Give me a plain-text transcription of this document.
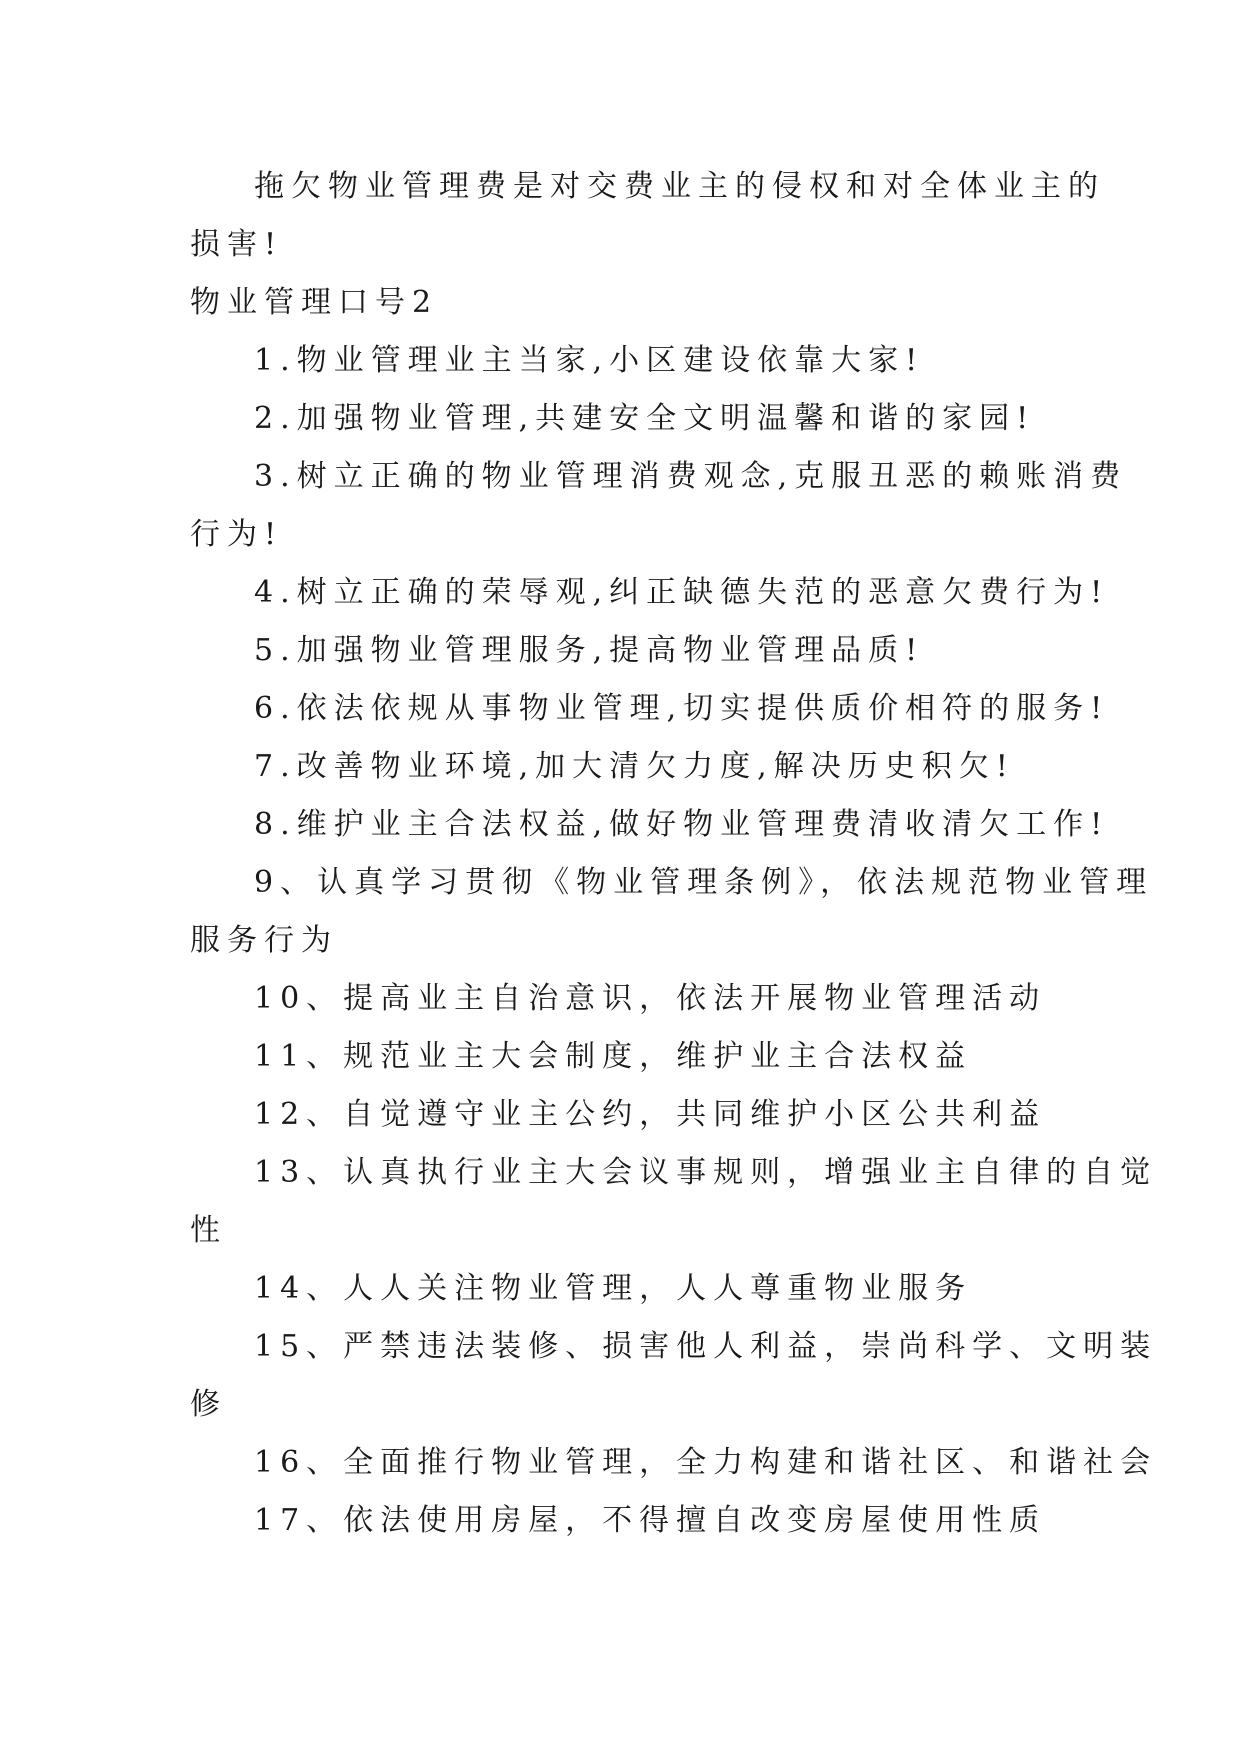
拖欠物业管理费是对交费业主的侵权和对全体业主的
损害!
物业管理口号2
1.物业管理业主当家,小区建设依靠大家!
2.加强物业管理,共建安全文明温馨和谐的家园!
3.树立正确的物业管理消费观念,克服丑恶的赖账消费
行为!
4.树立正确的荣辱观,纠正缺德失范的恶意欠费行为!
5.加强物业管理服务,提高物业管理品质!
6.依法依规从事物业管理,切实提供质价相符的服务!
7.改善物业环境,加大清欠力度,解决历史积欠!
8.维护业主合法权益,做好物业管理费清收清欠工作!
9、认真学习贯彻《物业管理条例》，依法规范物业管理
服务行为
10、提高业主自治意识，依法开展物业管理活动
11、规范业主大会制度，维护业主合法权益
12、自觉遵守业主公约，共同维护小区公共利益
13、认真执行业主大会议事规则，增强业主自律的自觉
性
14、人人关注物业管理，人人尊重物业服务
15、严禁违法装修、损害他人利益，崇尚科学、文明装
修
16、全面推行物业管理，全力构建和谐社区、和谐社会
17、依法使用房屋，不得擅自改变房屋使用性质
